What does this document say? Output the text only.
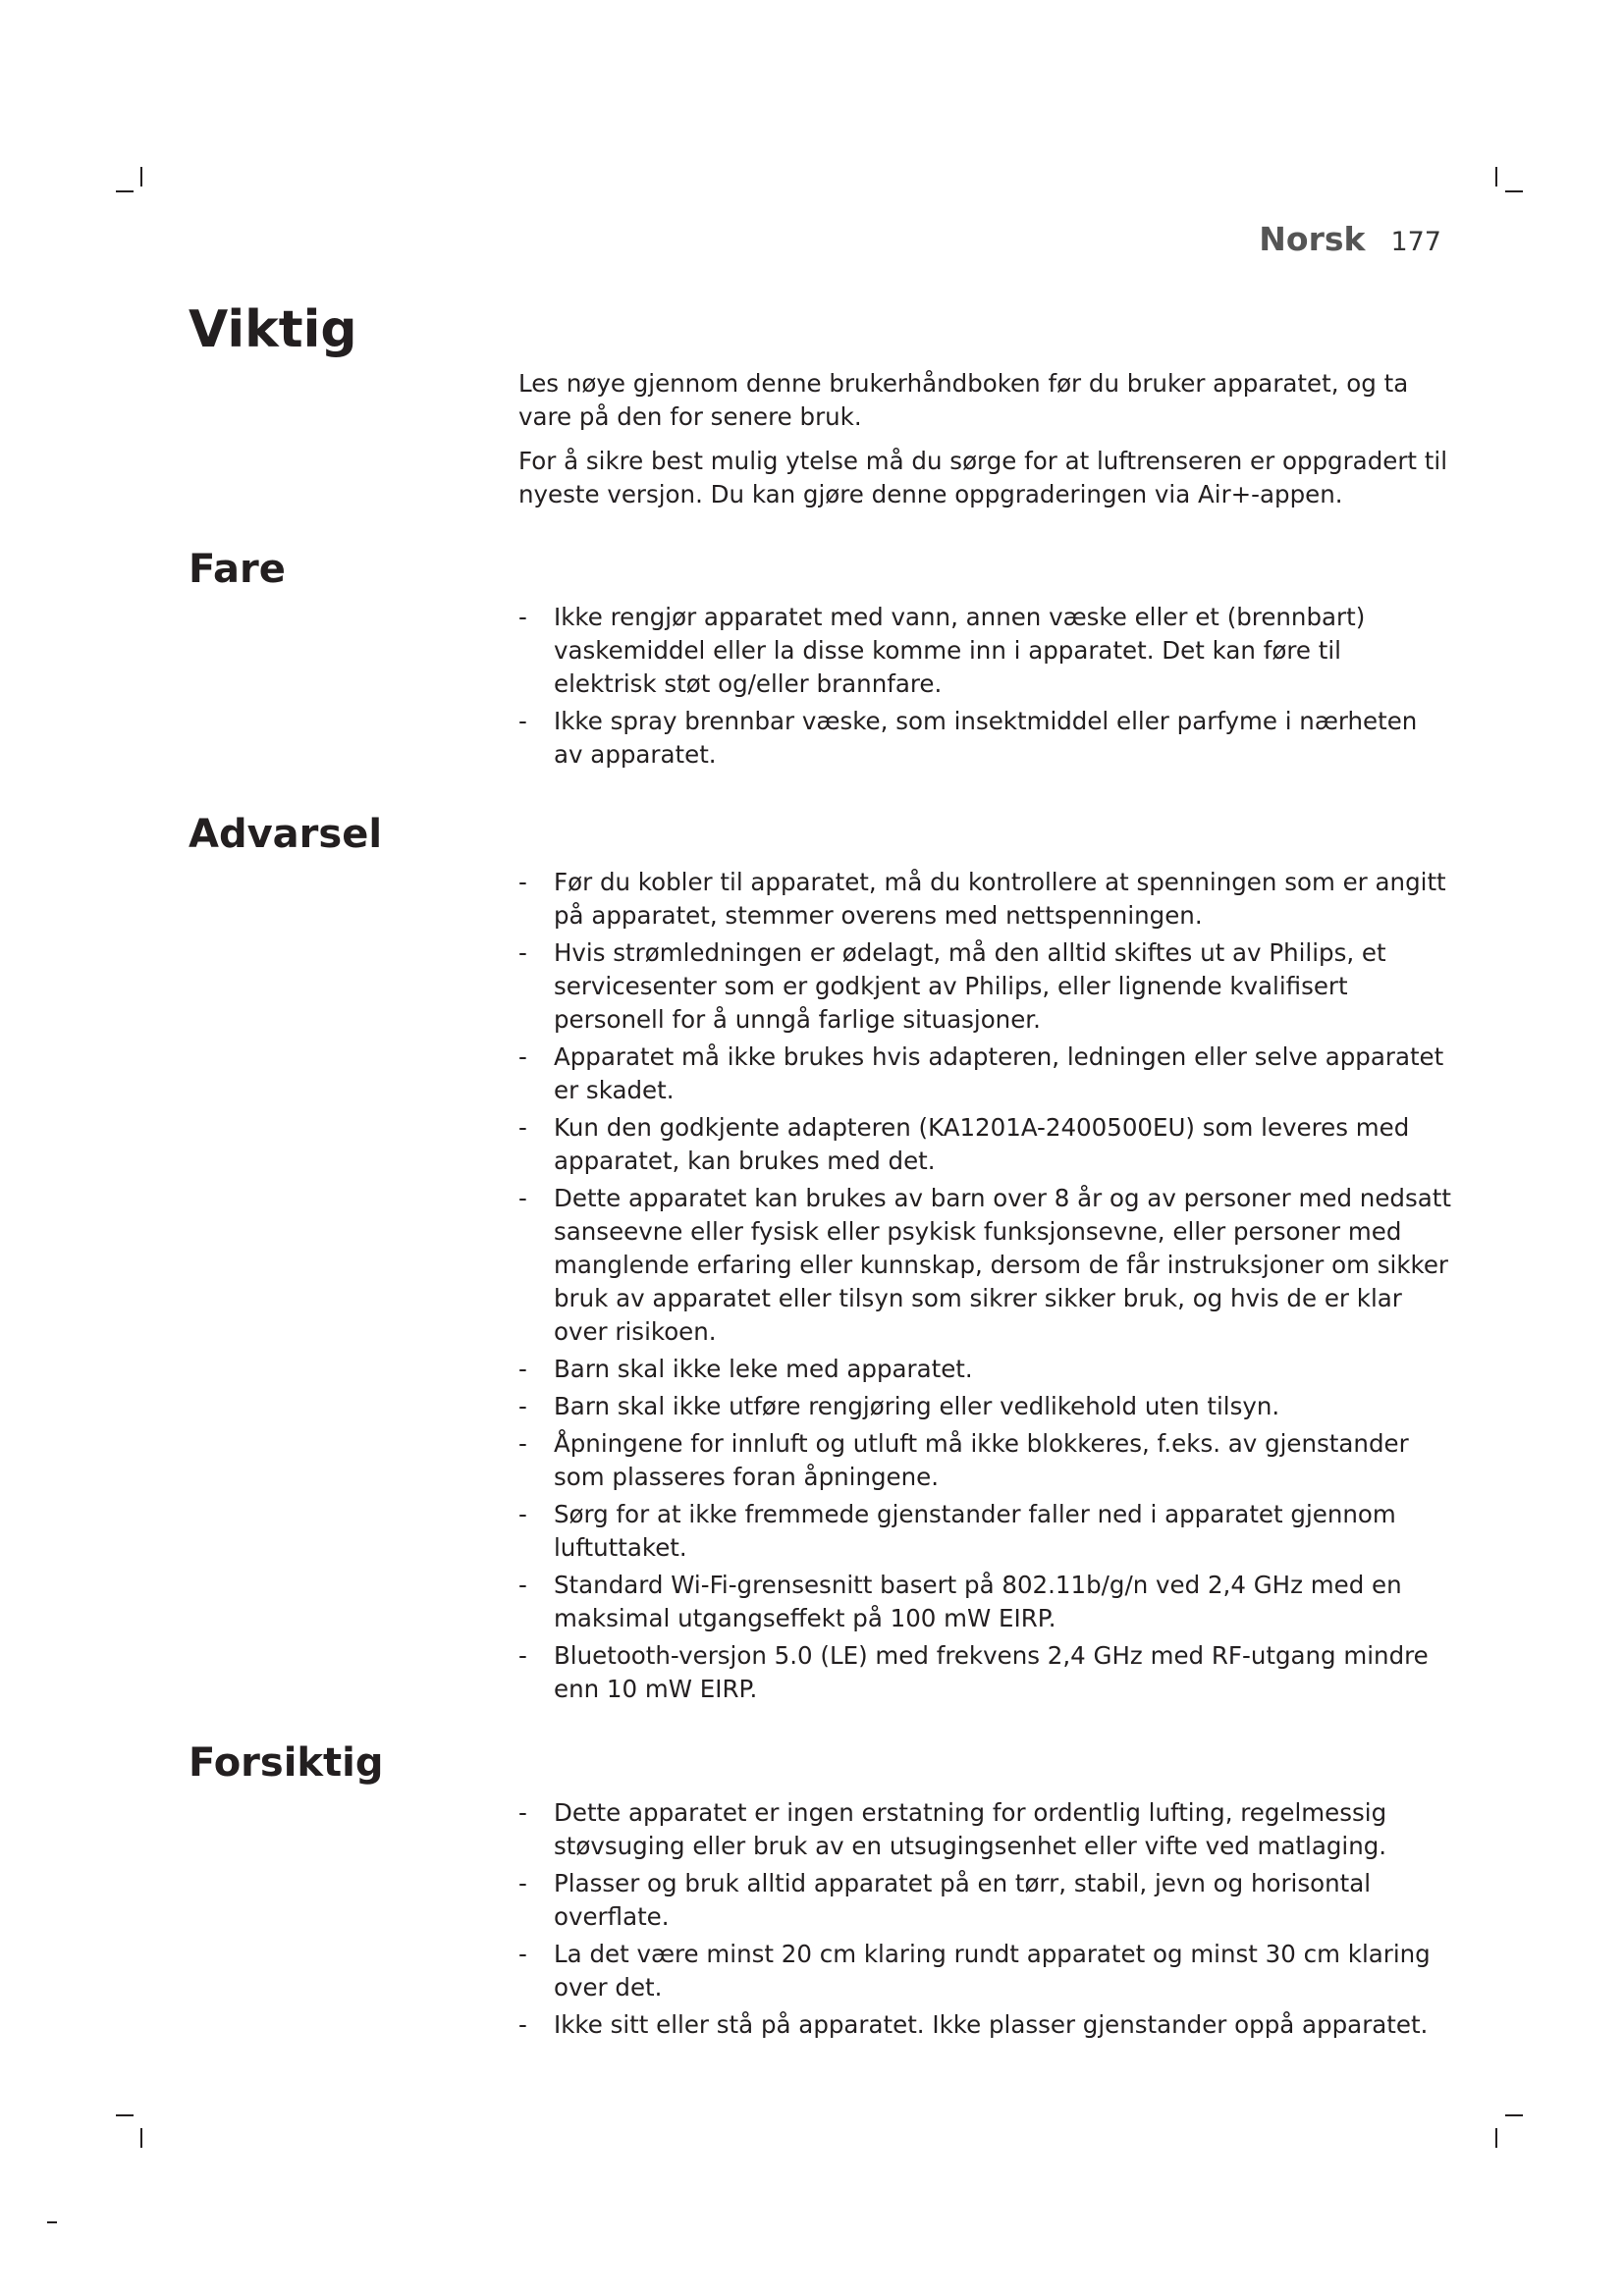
Norsk 177
Viktig

Les nøye gjennom denne brukerhåndboken før du bruker apparatet, og ta vare på den for senere bruk.

For å sikre best mulig ytelse må du sørge for at luftrenseren er oppgradert til nyeste versjon. Du kan gjøre denne oppgraderingen via Air+-appen.

Fare
- Ikke rengjør apparatet med vann, annen væske eller et (brennbart) vaskemiddel eller la disse komme inn i apparatet. Det kan føre til elektrisk støt og/eller brannfare.
- Ikke spray brennbar væske, som insektmiddel eller parfyme i nærheten av apparatet.
Advarsel
- Før du kobler til apparatet, må du kontrollere at spenningen som er angitt på apparatet, stemmer overens med nettspenningen.
- Hvis strømledningen er ødelagt, må den alltid skiftes ut av Philips, et servicesenter som er godkjent av Philips, eller lignende kvalifisert personell for å unngå farlige situasjoner.
- Apparatet må ikke brukes hvis adapteren, ledningen eller selve apparatet er skadet.
- Kun den godkjente adapteren (KA1201A-2400500EU) som leveres med apparatet, kan brukes med det.
- Dette apparatet kan brukes av barn over 8 år og av personer med nedsatt sanseevne eller fysisk eller psykisk funksjonsevne, eller personer med manglende erfaring eller kunnskap, dersom de får instruksjoner om sikker bruk av apparatet eller tilsyn som sikrer sikker bruk, og hvis de er klar over risikoen.
- Barn skal ikke leke med apparatet.
- Barn skal ikke utføre rengjøring eller vedlikehold uten tilsyn.
- Åpningene for innluft og utluft må ikke blokkeres, f.eks. av gjenstander som plasseres foran åpningene.
- Sørg for at ikke fremmede gjenstander faller ned i apparatet gjennom luftuttaket.
- Standard Wi-Fi-grensesnitt basert på 802.11b/g/n ved 2,4 GHz med en maksimal utgangseffekt på 100 mW EIRP.
- Bluetooth-versjon 5.0 (LE) med frekvens 2,4 GHz med RF-utgang mindre enn 10 mW EIRP.
Forsiktig
- Dette apparatet er ingen erstatning for ordentlig lufting, regelmessig støvsuging eller bruk av en utsugingsenhet eller vifte ved matlaging.
- Plasser og bruk alltid apparatet på en tørr, stabil, jevn og horisontal overflate.
- La det være minst 20 cm klaring rundt apparatet og minst 30 cm klaring over det.
- Ikke sitt eller stå på apparatet. Ikke plasser gjenstander oppå apparatet.
